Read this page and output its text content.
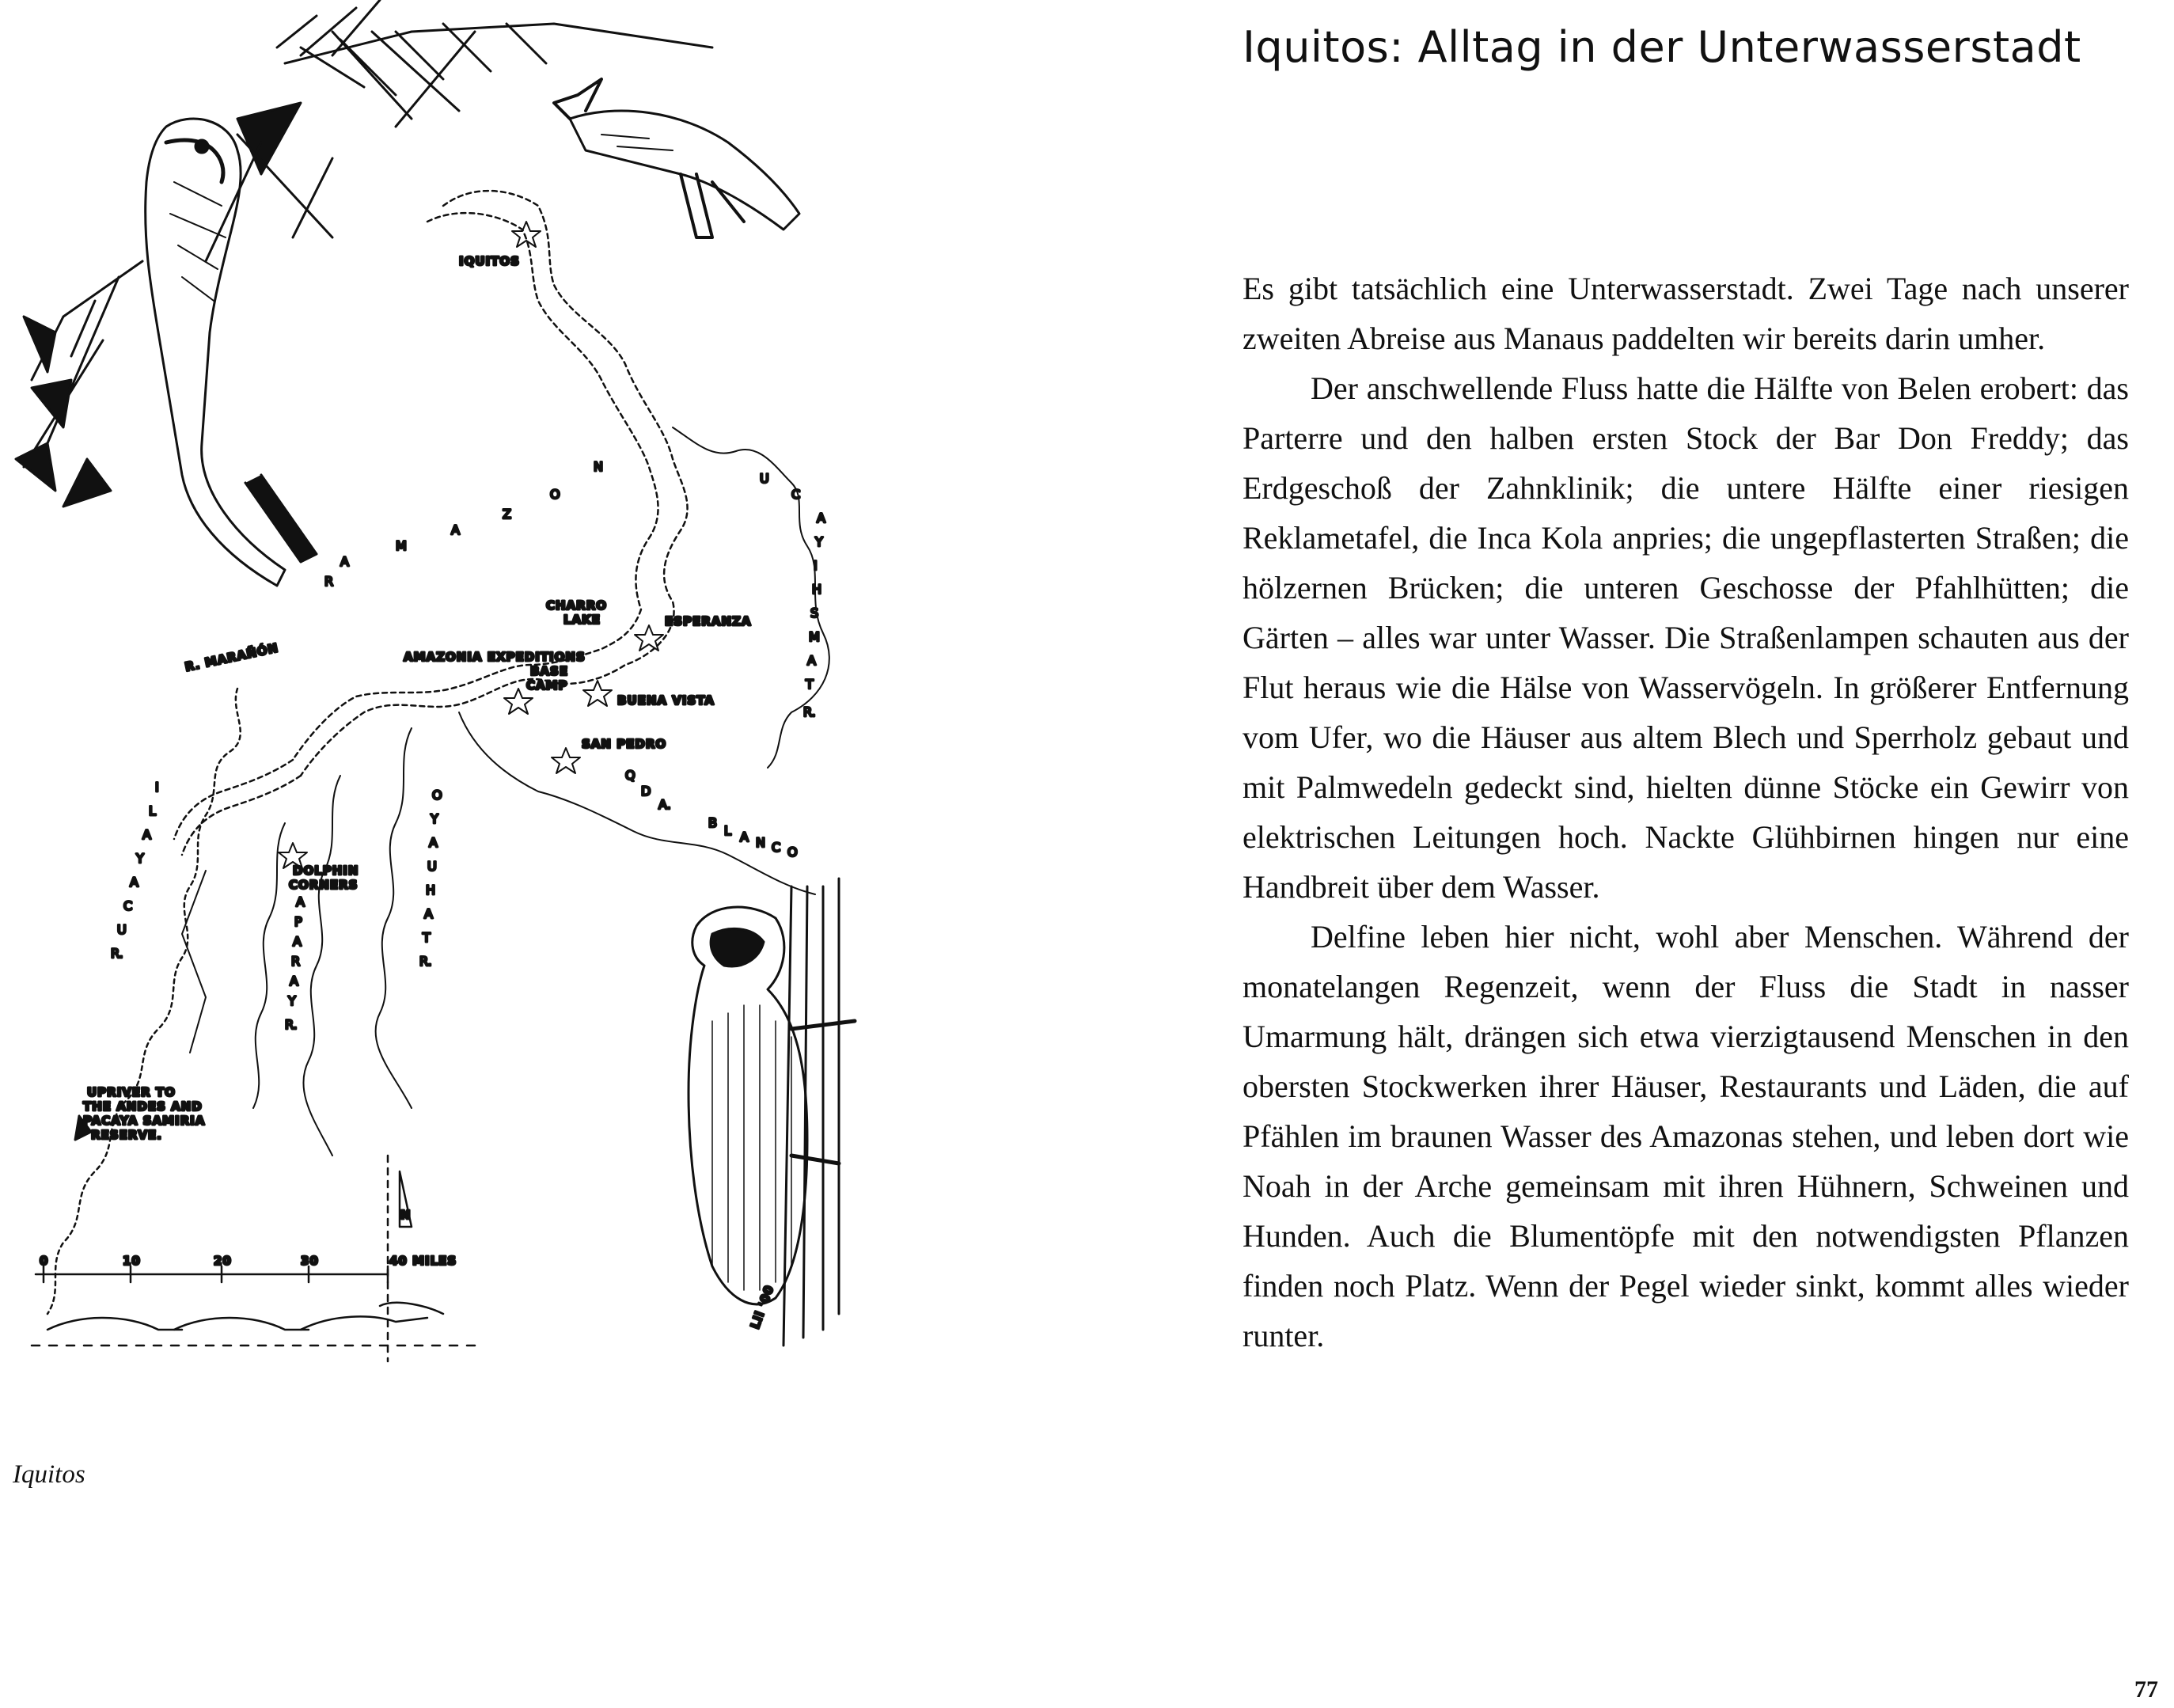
IQUITOS
CHARRO
LAKE	ESPERANZA
AMAZONIA EXPEDITIONS
BASE
CAMP
BUENA VISTA
SAN PEDRO
R. MARAÑÓN
DOLPHIN
CORNERS
UPRIVER TO
THE ANDES AND
PACAYA SAMIRIA
RESERVE.
0	10	20	30	40 MILES
N
Lil '00
A
M
A
Z
O
N
R
R.
T
A
M
S
H
I
Y
A
C
U
R.
U
C
A
Y
A
L
I
R.
Y
A
R
A
P
A
R.
T
A
H
U
A
Y
O
Q
D
A.
B
L A N C O
Iquitos
Iquitos: Alltag in der Unterwasserstadt

Es gibt tatsächlich eine Unterwasserstadt. Zwei Tage nach unserer zweiten Abreise aus Manaus paddelten wir bereits darin umher.

Der anschwellende Fluss hatte die Hälfte von Belen erobert: das Parterre und den halben ersten Stock der Bar Don Freddy; das Erdgeschoß der Zahnklinik; die untere Hälfte einer riesigen Reklametafel, die Inca Kola anpries; die ungepflasterten Straßen; die hölzernen Brücken; die unteren Geschosse der Pfahlhütten; die Gärten – alles war unter Wasser. Die Straßenlampen schauten aus der Flut heraus wie die Hälse von Wasservögeln. In größerer Entfernung vom Ufer, wo die Häuser aus altem Blech und Sperrholz gebaut und mit Palmwedeln gedeckt sind, hielten dünne Stöcke ein Gewirr von elektrischen Leitungen hoch. Nackte Glühbirnen hingen nur eine Handbreit über dem Wasser.

Delfine leben hier nicht, wohl aber Menschen. Während der monatelangen Regenzeit, wenn der Fluss die Stadt in nasser Umarmung hält, drängen sich etwa vierzigtausend Menschen in den obersten Stockwerken ihrer Häuser, Restaurants und Läden, die auf Pfählen im braunen Wasser des Amazonas stehen, und leben dort wie Noah in der Arche gemeinsam mit ihren Hühnern, Schweinen und Hunden. Auch die Blumentöpfe mit den notwendigsten Pflanzen finden noch Platz. Wenn der Pegel wieder sinkt, kommt alles wieder runter.

77
